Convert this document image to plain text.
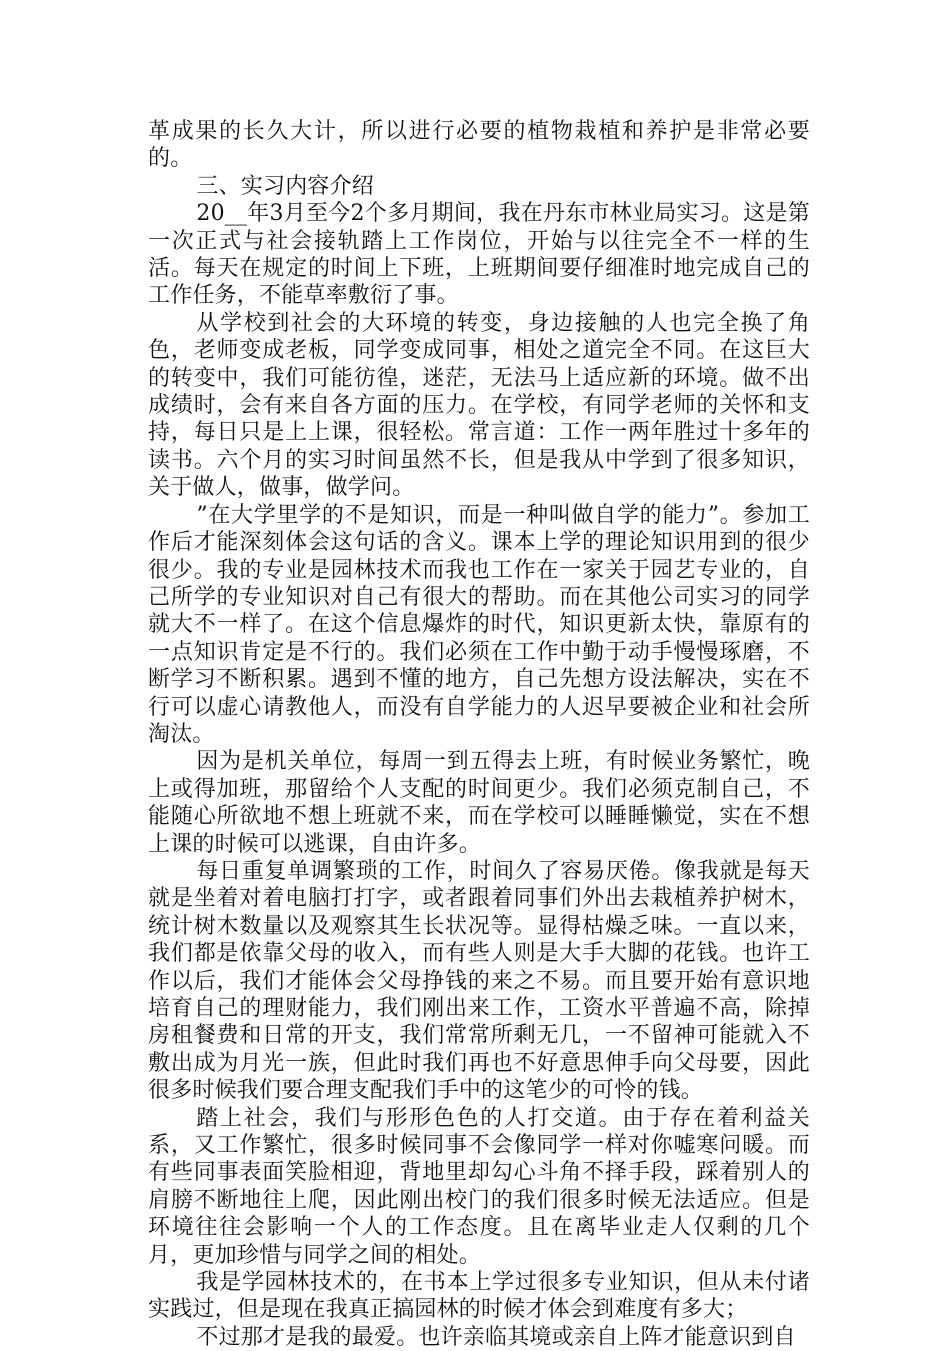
革成果的长久大计，所以进行必要的植物栽植和养护是非常必要的。

三、实习内容介绍

20__年3月至今2个多月期间，我在丹东市林业局实习。这是第一次正式与社会接轨踏上工作岗位，开始与以往完全不一样的生活。每天在规定的时间上下班，上班期间要仔细准时地完成自己的工作任务，不能草率敷衍了事。

从学校到社会的大环境的转变，身边接触的人也完全换了角色，老师变成老板，同学变成同事，相处之道完全不同。在这巨大的转变中，我们可能彷徨，迷茫，无法马上适应新的环境。做不出成绩时，会有来自各方面的压力。在学校，有同学老师的关怀和支持，每日只是上上课，很轻松。常言道：工作一两年胜过十多年的读书。六个月的实习时间虽然不长，但是我从中学到了很多知识，关于做人，做事，做学问。

”在大学里学的不是知识，而是一种叫做自学的能力”。参加工作后才能深刻体会这句话的含义。课本上学的理论知识用到的很少很少。我的专业是园林技术而我也工作在一家关于园艺专业的，自己所学的专业知识对自己有很大的帮助。而在其他公司实习的同学就大不一样了。在这个信息爆炸的时代，知识更新太快，靠原有的一点知识肯定是不行的。我们必须在工作中勤于动手慢慢琢磨，不断学习不断积累。遇到不懂的地方，自己先想方设法解决，实在不行可以虚心请教他人，而没有自学能力的人迟早要被企业和社会所淘汰。

因为是机关单位，每周一到五得去上班，有时候业务繁忙，晚上或得加班，那留给个人支配的时间更少。我们必须克制自己，不能随心所欲地不想上班就不来，而在学校可以睡睡懒觉，实在不想上课的时候可以逃课，自由许多。

每日重复单调繁琐的工作，时间久了容易厌倦。像我就是每天就是坐着对着电脑打打字，或者跟着同事们外出去栽植养护树木，统计树木数量以及观察其生长状况等。显得枯燥乏味。一直以来，我们都是依靠父母的收入，而有些人则是大手大脚的花钱。也许工作以后，我们才能体会父母挣钱的来之不易。而且要开始有意识地培育自己的理财能力，我们刚出来工作，工资水平普遍不高，除掉房租餐费和日常的开支，我们常常所剩无几，一不留神可能就入不敷出成为月光一族，但此时我们再也不好意思伸手向父母要，因此很多时候我们要合理支配我们手中的这笔少的可怜的钱。

踏上社会，我们与形形色色的人打交道。由于存在着利益关系，又工作繁忙，很多时候同事不会像同学一样对你嘘寒问暖。而有些同事表面笑脸相迎，背地里却勾心斗角不择手段，踩着别人的肩膀不断地往上爬，因此刚出校门的我们很多时候无法适应。但是环境往往会影响一个人的工作态度。且在离毕业走人仅剩的几个月，更加珍惜与同学之间的相处。

我是学园林技术的，在书本上学过很多专业知识，但从未付诸实践过，但是现在我真正搞园林的时候才体会到难度有多大；

不过那才是我的最爱。也许亲临其境或亲自上阵才能意识到自
